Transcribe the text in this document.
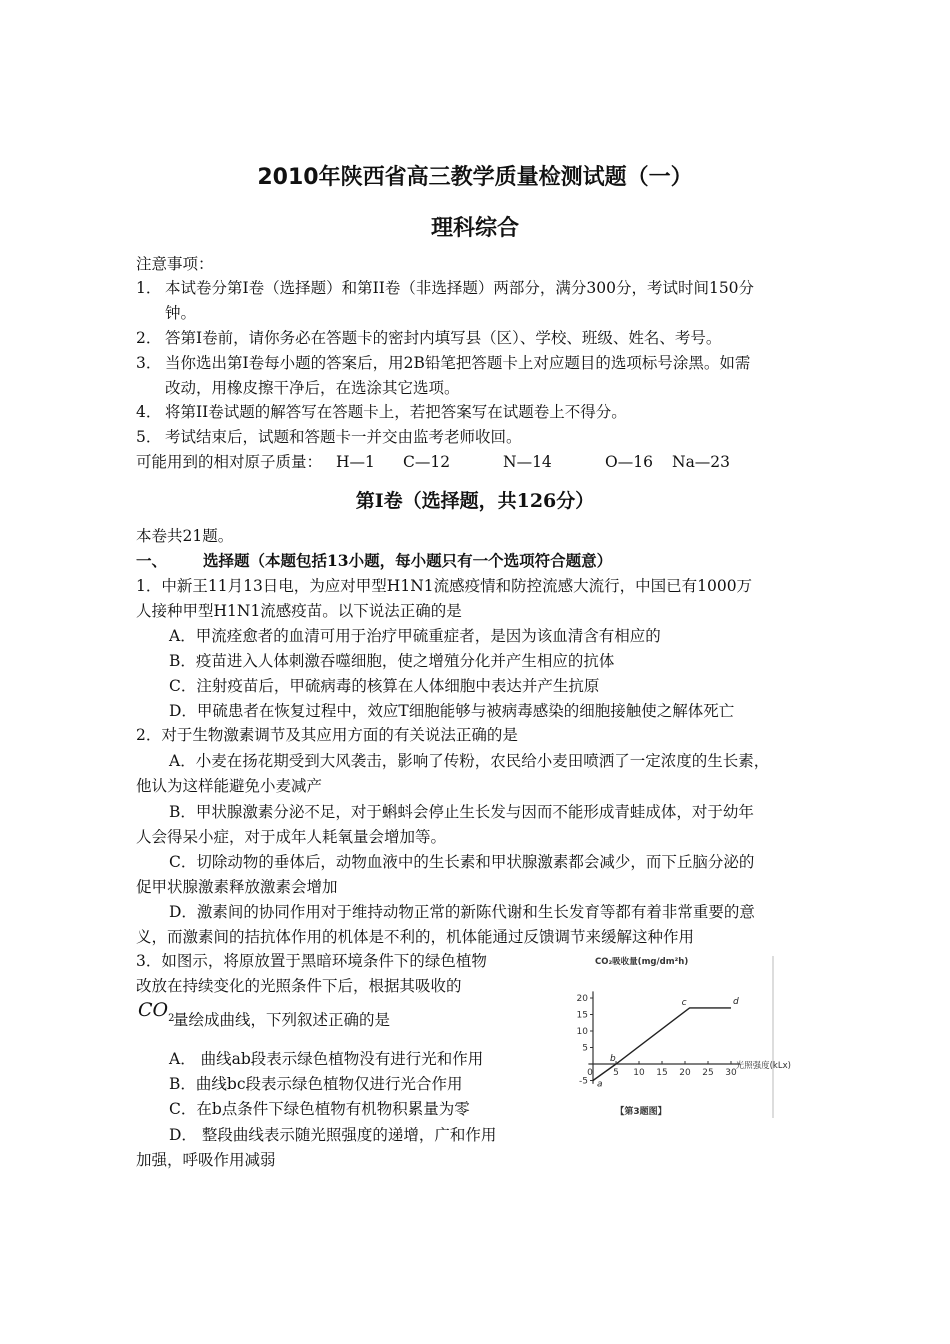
2010年陕西省高三教学质量检测试题（一）
理科综合
注意事项：
1． 本试卷分第I卷（选择题）和第II卷（非选择题）两部分，满分300分，考试时间150分
钟。
2． 答第I卷前，请你务必在答题卡的密封内填写县（区）、学校、班级、姓名、考号。
3． 当你选出第I卷每小题的答案后，用2B铅笔把答题卡上对应题目的选项标号涂黑。如需
改动，用橡皮擦干净后，在选涂其它选项。
4． 将第II卷试题的解答写在答题卡上，若把答案写在试题卷上不得分。
5． 考试结束后，试题和答题卡一并交由监考老师收回。
可能用到的相对原子质量： H—1 C—12	N—14	O—16 Na—23
第I卷（选择题，共126分）
本卷共21题。
一、 选择题（本题包括13小题，每小题只有一个选项符合题意）
1．中新王11月13日电，为应对甲型H1N1流感疫情和防控流感大流行，中国已有1000万
人接种甲型H1N1流感疫苗。以下说法正确的是
A．甲流痊愈者的血清可用于治疗甲硫重症者，是因为该血清含有相应的
B．疫苗进入人体刺激吞噬细胞，使之增殖分化并产生相应的抗体
C．注射疫苗后，甲硫病毒的核算在人体细胞中表达并产生抗原
D．甲硫患者在恢复过程中，效应T细胞能够与被病毒感染的细胞接触使之解体死亡
2．对于生物激素调节及其应用方面的有关说法正确的是
A．小麦在扬花期受到大风袭击，影响了传粉，农民给小麦田喷洒了一定浓度的生长素，
他认为这样能避免小麦减产
B．甲状腺激素分泌不足，对于蝌蚪会停止生长发与因而不能形成青蛙成体，对于幼年
人会得呆小症，对于成年人耗氧量会增加等。
C．切除动物的垂体后，动物血液中的生长素和甲状腺激素都会减少，而下丘脑分泌的
促甲状腺激素释放激素会增加
D．激素间的协同作用对于维持动物正常的新陈代谢和生长发育等都有着非常重要的意
义，而激素间的拮抗体作用的机体是不利的，机体能通过反馈调节来缓解这种作用
3．如图示，将原放置于黑暗环境条件下的绿色植物
改放在持续变化的光照条件下后，根据其吸收的
$CO_2$
量绘成曲线，下列叙述正确的是
A． 曲线ab段表示绿色植物没有进行光和作用
B．曲线bc段表示绿色植物仅进行光合作用
C．在b点条件下绿色植物有机物积累量为零
D． 整段曲线表示随光照强度的递增，广和作用
加强，呼吸作用减弱
CO₂吸收量(mg/dm²h)
光照强度(kLx)
-5
5
10
15
20
0 5 10 15 20 25 30
a
b
c	d
【第3题图】
